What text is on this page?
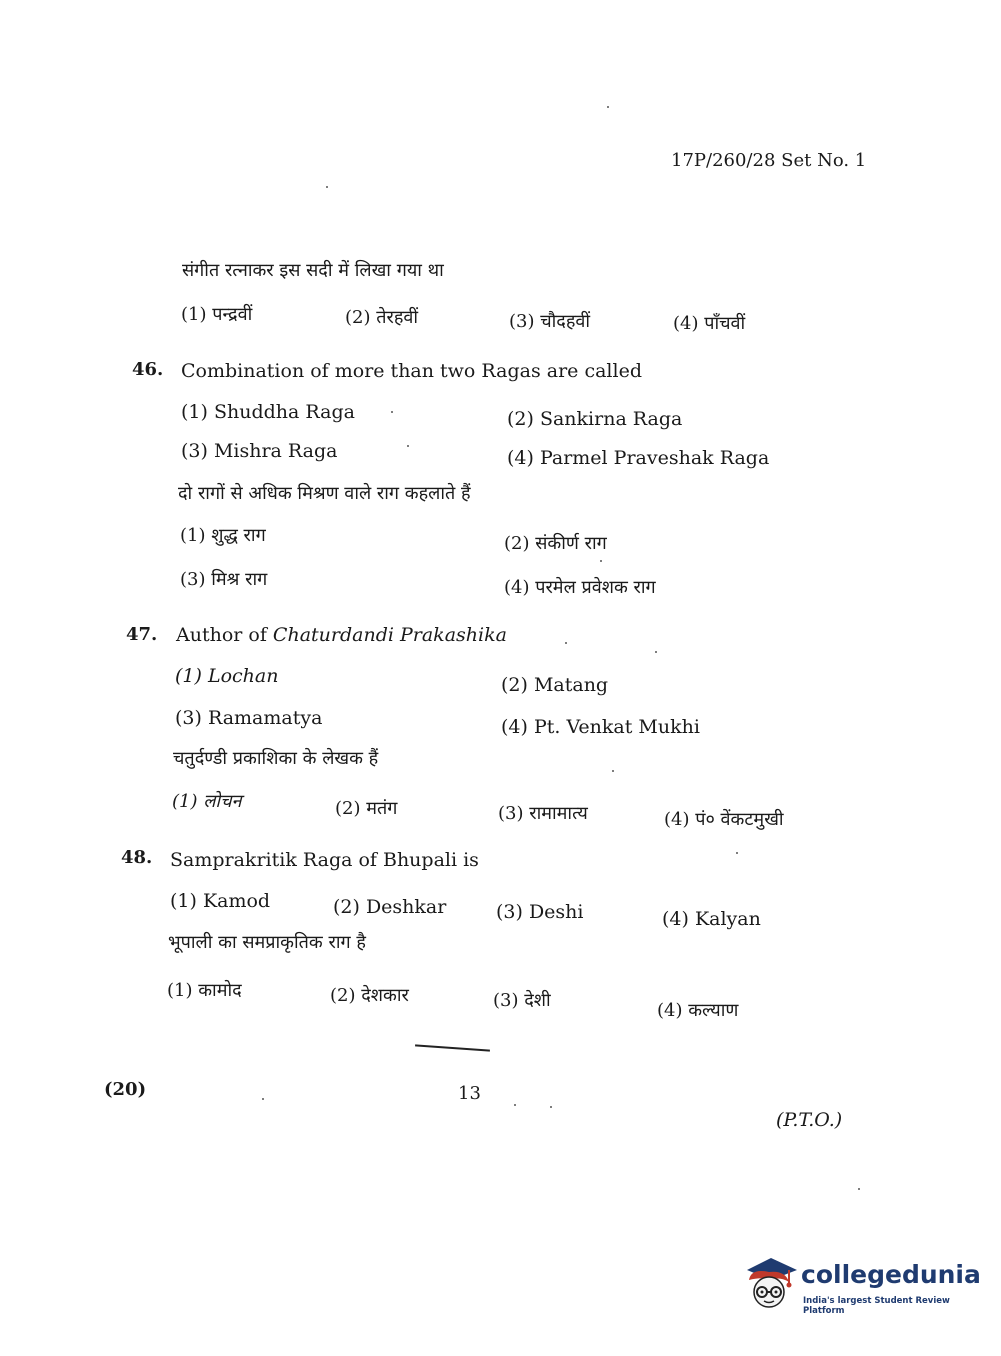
17P/260/28 Set No. 1
संगीत रत्नाकर इस सदी में लिखा गया था
(1) पन्द्रवीं	(2) तेरहवीं	(3) चौदहवीं	(4) पाँचवीं
46. Combination of more than two Ragas are called
(1) Shuddha Raga	(2) Sankirna Raga
(3) Mishra Raga	(4) Parmel Praveshak Raga
दो रागों से अधिक मिश्रण वाले राग कहलाते हैं
(1) शुद्ध राग	(2) संकीर्ण राग
(3) मिश्र राग	(4) परमेल प्रवेशक राग
47. Author of Chaturdandi Prakashika
(1) Lochan	(2) Matang
(3) Ramamatya	(4) Pt. Venkat Mukhi
चतुर्दण्डी प्रकाशिका के लेखक हैं
(1) लोचन	(2) मतंग	(3) रामामात्य	(4) पं० वेंकटमुखी
48. Samprakritik Raga of Bhupali is
(1) Kamod	(2) Deshkar	(3) Deshi	(4) Kalyan
भूपाली का समप्राकृतिक राग है
(1) कामोद	(2) देशकार	(3) देशी	(4) कल्याण
(20)	13
(P.T.O.)
collegedunia
India's largest Student Review Platform
